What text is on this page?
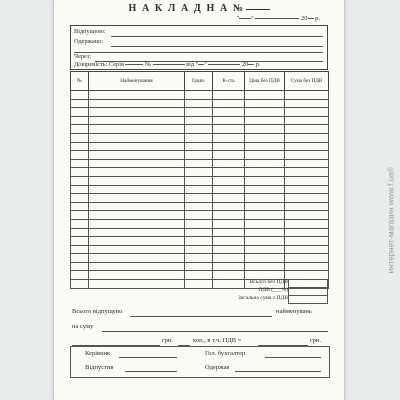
Н А К Л А Д Н А №
" "	20 р.
Відпущено:
Одержано:
Через:
Довіреність: Серія	№	від " "	20 р.
№	Найменування	Один.	К-сть	Ціна без ПДВ	Сума без ПДВ

Всього без ПДВ
ПДВ (___%)
Загальна сума з ПДВ
Всього відпущено	найменувань
на суму
грн.	коп., в т.ч. ПДВ =	грн.
Керівник	Гол. бухгалтер
Відпустив	Одержав
интернет-магазин www.f.ua®
